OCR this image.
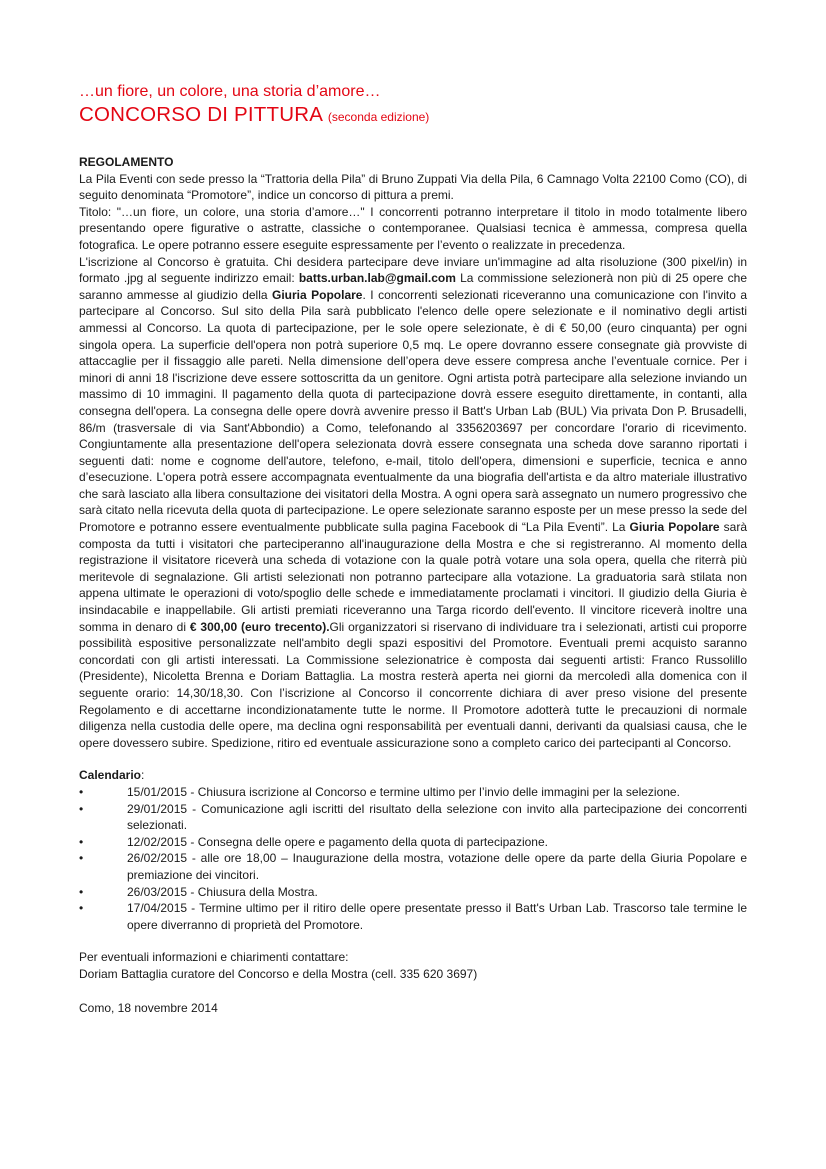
…un fiore, un colore, una storia d’amore…

CONCORSO DI PITTURA (seconda edizione)

REGOLAMENTO

La Pila Eventi con sede presso la “Trattoria della Pila” di Bruno Zuppati Via della Pila, 6 Camnago Volta 22100 Como (CO), di seguito denominata “Promotore”, indice un concorso di pittura a premi.

Titolo: "…un fiore, un colore, una storia d’amore…" I concorrenti potranno interpretare il titolo in modo totalmente libero presentando opere figurative o astratte, classiche o contemporanee. Qualsiasi tecnica è ammessa, compresa quella fotografica. Le opere potranno essere eseguite espressamente per l’evento o realizzate in precedenza.

L'iscrizione al Concorso è gratuita. Chi desidera partecipare deve inviare un'immagine ad alta risoluzione (300 pixel/in) in formato .jpg al seguente indirizzo email: batts.urban.lab@gmail.com La commissione selezionerà non più di 25 opere che saranno ammesse al giudizio della Giuria Popolare. I concorrenti selezionati riceveranno una comunicazione con l'invito a partecipare al Concorso. Sul sito della Pila sarà pubblicato l'elenco delle opere selezionate e il nominativo degli artisti ammessi al Concorso. La quota di partecipazione, per le sole opere selezionate, è di € 50,00 (euro cinquanta) per ogni singola opera. La superficie dell'opera non potrà superiore 0,5 mq. Le opere dovranno essere consegnate già provviste di attaccaglie per il fissaggio alle pareti. Nella dimensione dell’opera deve essere compresa anche l’eventuale cornice. Per i minori di anni 18 l'iscrizione deve essere sottoscritta da un genitore. Ogni artista potrà partecipare alla selezione inviando un massimo di 10 immagini. Il pagamento della quota di partecipazione dovrà essere eseguito direttamente, in contanti, alla consegna dell'opera. La consegna delle opere dovrà avvenire presso il Batt's Urban Lab (BUL) Via privata Don P. Brusadelli, 86/m (trasversale di via Sant'Abbondio) a Como, telefonando al 3356203697 per concordare l'orario di ricevimento. Congiuntamente alla presentazione dell'opera selezionata dovrà essere consegnata una scheda dove saranno riportati i seguenti dati: nome e cognome dell'autore, telefono, e-mail, titolo dell'opera, dimensioni e superficie, tecnica e anno d’esecuzione. L'opera potrà essere accompagnata eventualmente da una biografia dell'artista e da altro materiale illustrativo che sarà lasciato alla libera consultazione dei visitatori della Mostra. A ogni opera sarà assegnato un numero progressivo che sarà citato nella ricevuta della quota di partecipazione. Le opere selezionate saranno esposte per un mese presso la sede del Promotore e potranno essere eventualmente pubblicate sulla pagina Facebook di “La Pila Eventi”. La Giuria Popolare sarà composta da tutti i visitatori che parteciperanno all'inaugurazione della Mostra e che si registreranno. Al momento della registrazione il visitatore riceverà una scheda di votazione con la quale potrà votare una sola opera, quella che riterrà più meritevole di segnalazione. Gli artisti selezionati non potranno partecipare alla votazione. La graduatoria sarà stilata non appena ultimate le operazioni di voto/spoglio delle schede e immediatamente proclamati i vincitori. Il giudizio della Giuria è insindacabile e inappellabile. Gli artisti premiati riceveranno una Targa ricordo dell'evento. Il vincitore riceverà inoltre una somma in denaro di € 300,00 (euro trecento).Gli organizzatori si riservano di individuare tra i selezionati, artisti cui proporre possibilità espositive personalizzate nell'ambito degli spazi espositivi del Promotore. Eventuali premi acquisto saranno concordati con gli artisti interessati. La Commissione selezionatrice è composta dai seguenti artisti: Franco Russolillo (Presidente), Nicoletta Brenna e Doriam Battaglia. La mostra resterà aperta nei giorni da mercoledì alla domenica con il seguente orario: 14,30/18,30. Con l’iscrizione al Concorso il concorrente dichiara di aver preso visione del presente Regolamento e di accettarne incondizionatamente tutte le norme. Il Promotore adotterà tutte le precauzioni di normale diligenza nella custodia delle opere, ma declina ogni responsabilità per eventuali danni, derivanti da qualsiasi causa, che le opere dovessero subire. Spedizione, ritiro ed eventuale assicurazione sono a completo carico dei partecipanti al Concorso.

Calendario:
•	15/01/2015 - Chiusura iscrizione al Concorso e termine ultimo per l’invio delle immagini per la selezione.
•	29/01/2015 - Comunicazione agli iscritti del risultato della selezione con invito alla partecipazione dei concorrenti selezionati.
•	12/02/2015 - Consegna delle opere e pagamento della quota di partecipazione.
•	26/02/2015 - alle ore 18,00 – Inaugurazione della mostra, votazione delle opere da parte della Giuria Popolare e premiazione dei vincitori.
•	26/03/2015 - Chiusura della Mostra.
•	17/04/2015 - Termine ultimo per il ritiro delle opere presentate presso il Batt's Urban Lab. Trascorso tale termine le opere diverranno di proprietà del Promotore.
Per eventuali informazioni e chiarimenti contattare:
Doriam Battaglia curatore del Concorso e della Mostra (cell. 335 620 3697)
Como, 18 novembre 2014
